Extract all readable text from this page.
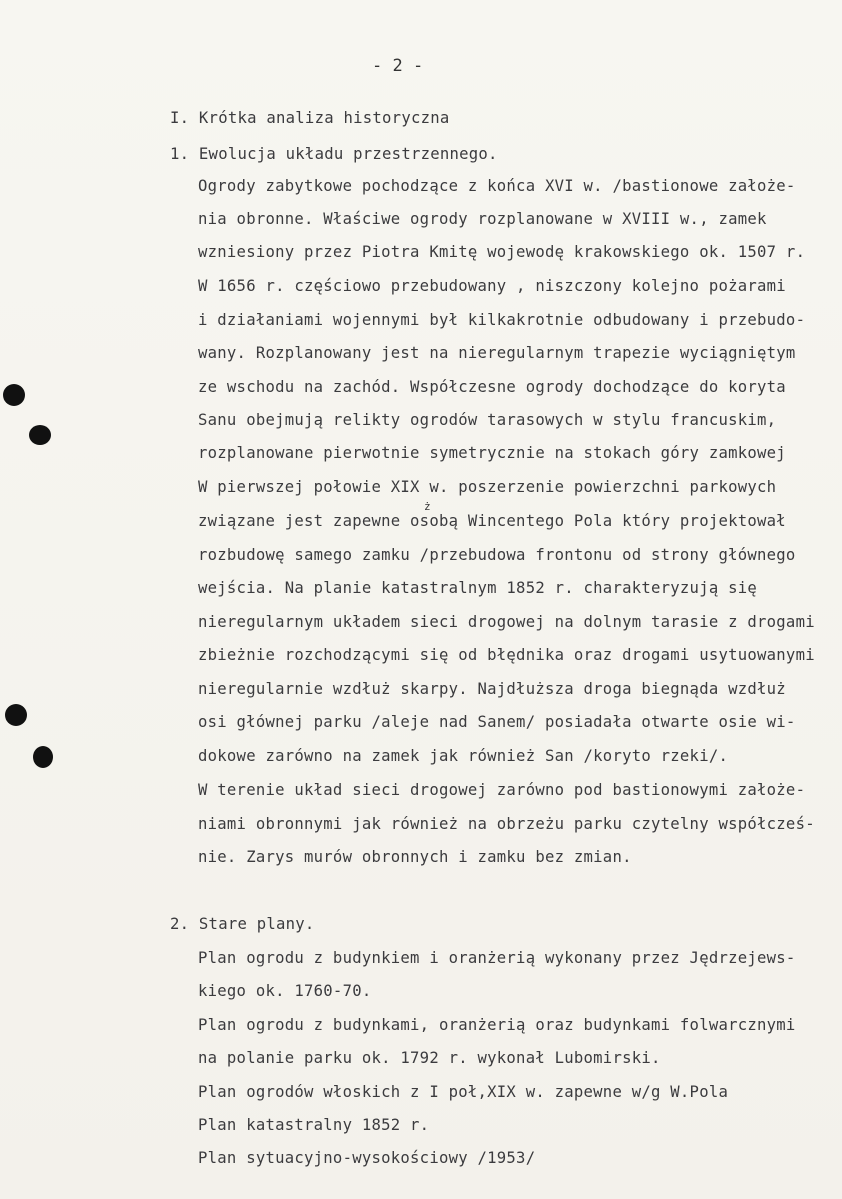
- 2 -
I. Krótka analiza historyczna
1. Ewolucja układu przestrzennego.
Ogrody zabytkowe pochodzące z końca XVI w. /bastionowe założe-
nia obronne. Właściwe ogrody rozplanowane w XVIII w., zamek
wzniesiony przez Piotra Kmitę wojewodę krakowskiego ok. 1507 r.
W 1656 r. częściowo przebudowany , niszczony kolejno pożarami
i działaniami wojennymi był kilkakrotnie odbudowany i przebudo-
wany. Rozplanowany jest na nieregularnym trapezie wyciągniętym
ze wschodu na zachód. Współczesne ogrody dochodzące do koryta
Sanu obejmują relikty ogrodów tarasowych w stylu francuskim,
rozplanowane pierwotnie symetrycznie na stokach góry zamkowej
W pierwszej połowie XIX w. poszerzenie powierzchni parkowych
ż
związane jest zapewne osobą Wincentego Pola który projektował
rozbudowę samego zamku /przebudowa frontonu od strony głównego
wejścia. Na planie katastralnym 1852 r. charakteryzują się
nieregularnym układem sieci drogowej na dolnym tarasie z drogami
zbieżnie rozchodzącymi się od błędnika oraz drogami usytuowanymi
nieregularnie wzdłuż skarpy. Najdłuższa droga biegnąda wzdłuż
osi głównej parku /aleje nad Sanem/ posiadała otwarte osie wi-
dokowe zarówno na zamek jak również San /koryto rzeki/.
W terenie układ sieci drogowej zarówno pod bastionowymi założe-
niami obronnymi jak również na obrzeżu parku czytelny współcześ-
nie. Zarys murów obronnych i zamku bez zmian.
2. Stare plany.
Plan ogrodu z budynkiem i oranżerią wykonany przez Jędrzejews-
kiego ok. 1760-70.
Plan ogrodu z budynkami, oranżerią oraz budynkami folwarcznymi
na polanie parku ok. 1792 r. wykonał Lubomirski.
Plan ogrodów włoskich z I poł,XIX w. zapewne w/g W.Pola
Plan katastralny 1852 r.
Plan sytuacyjno-wysokościowy /1953/
